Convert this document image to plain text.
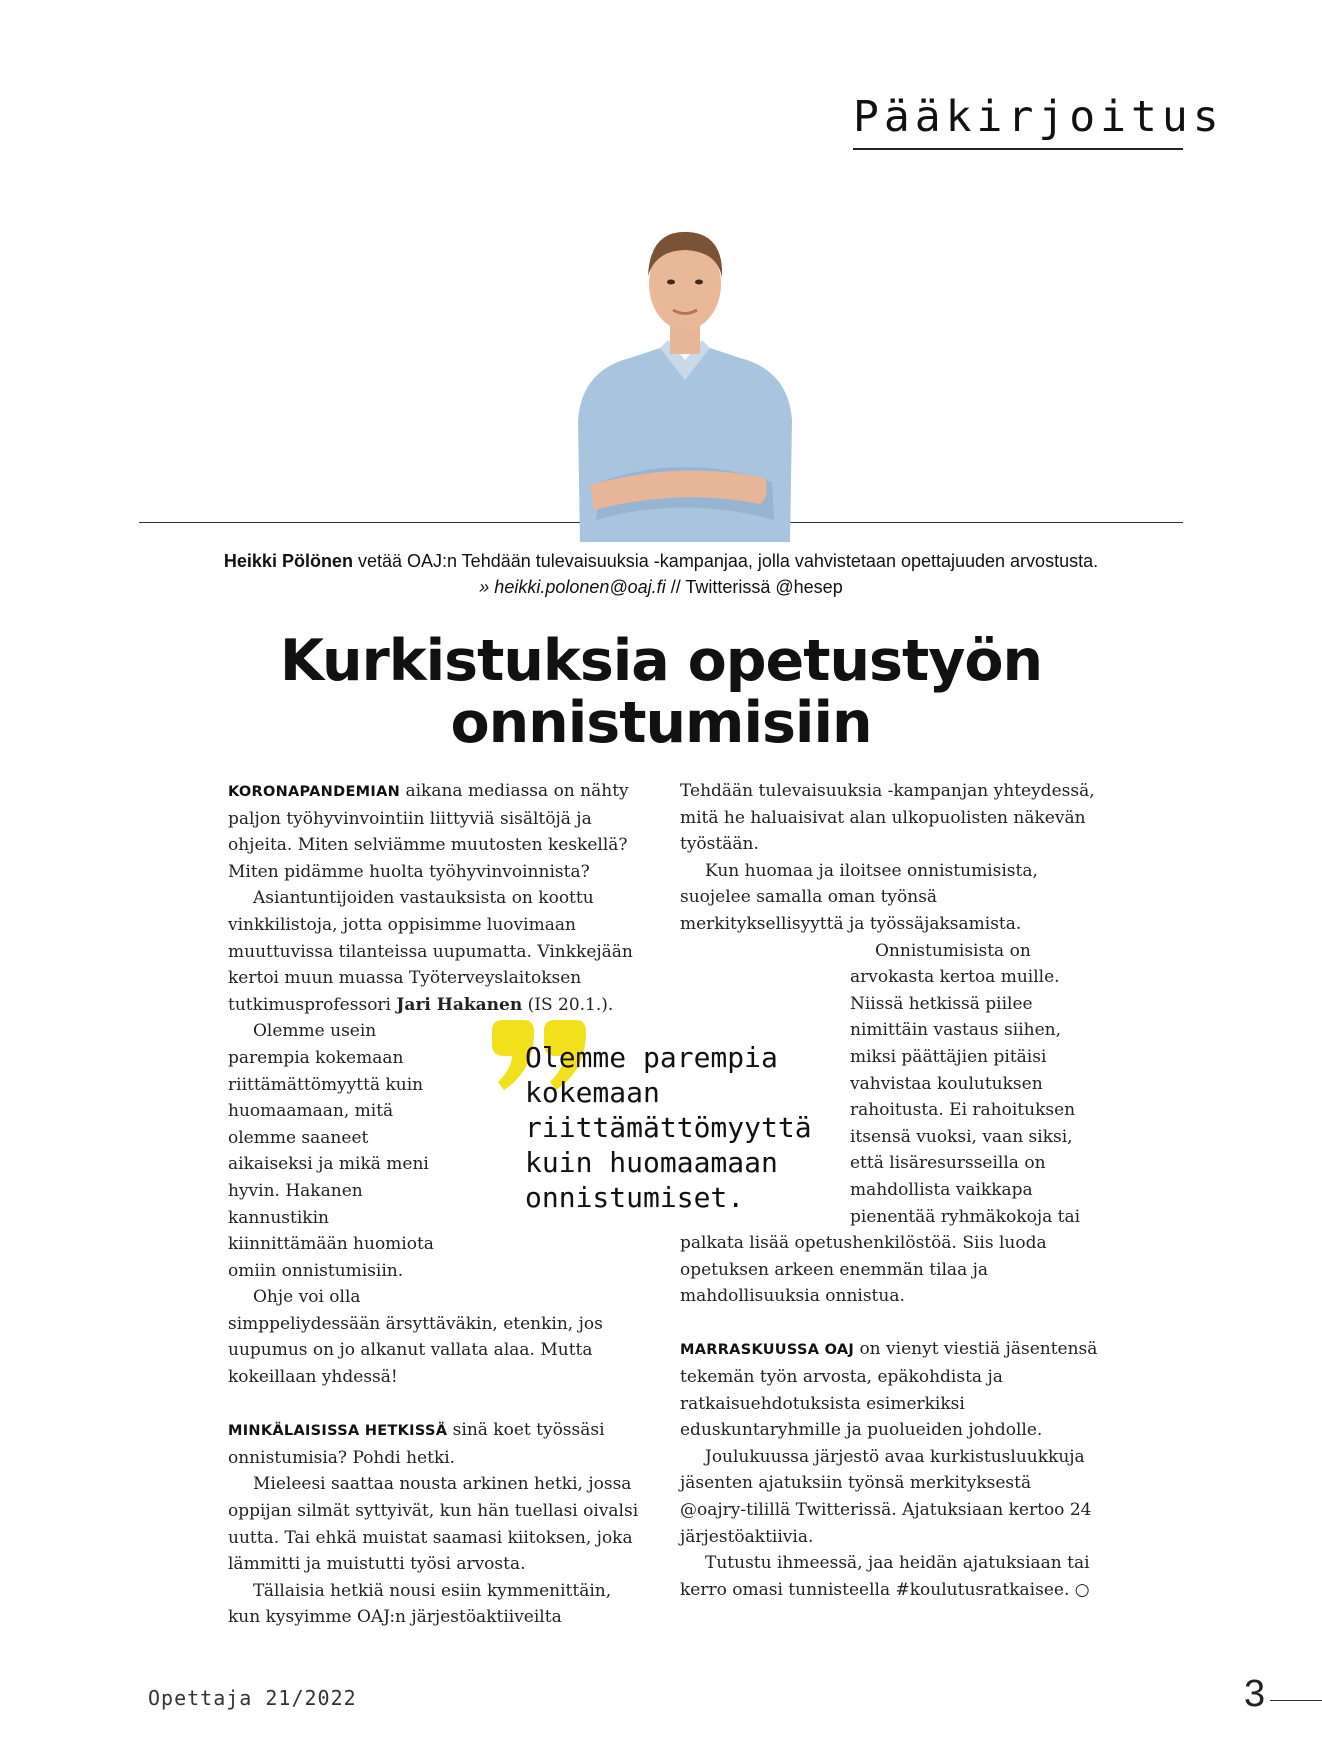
Pääkirjoitus
Heikki Pölönen vetää OAJ:n Tehdään tulevaisuuksia -kampanjaa, jolla vahvistetaan opettajuuden arvostusta.
» heikki.polonen@oaj.fi // Twitterissä @hesep
Kurkistuksia opetustyön
onnistumisiin

KORONAPANDEMIAN aikana mediassa on nähty paljon työhyvinvointiin liittyviä sisältöjä ja ohjeita. Miten selviämme muutosten keskellä? Miten pidämme huolta työhyvinvoinnista?

Asiantuntijoiden vastauksista on koottu vinkkilistoja, jotta oppisimme luovimaan muuttuvissa tilanteissa uupumatta. Vinkkejään kertoi muun muassa Työterveyslaitoksen tutkimusprofessori Jari Hakanen (IS 20.1.).

Olemme usein parempia kokemaan riittämättömyyttä kuin huomaamaan, mitä olemme saaneet aikaiseksi ja mikä meni hyvin. Hakanen kannustikin kiinnittämään huomiota omiin onnistumisiin.

Ohje voi olla simppeliydessään ärsyttäväkin, etenkin, jos uupumus on jo alkanut vallata alaa. Mutta kokeillaan yhdessä!

MINKÄLAISISSA HETKISSÄ sinä koet työssäsi onnistumisia? Pohdi hetki.

Mieleesi saattaa nousta arkinen hetki, jossa oppijan silmät syttyivät, kun hän tuellasi oivalsi uutta. Tai ehkä muistat saamasi kiitoksen, joka lämmitti ja muistutti työsi arvosta.

Tällaisia hetkiä nousi esiin kymmenittäin, kun kysyimme OAJ:n järjestöaktiiveilta

Tehdään tulevaisuuksia -kampanjan yhteydessä, mitä he haluaisivat alan ulkopuolisten näkevän työstään.

Kun huomaa ja iloitsee onnistumisista, suojelee samalla oman työnsä merkityksellisyyttä ja työssäjaksamista.

Onnistumisista on arvokasta kertoa muille. Niissä hetkissä piilee nimittäin vastaus siihen, miksi päättäjien pitäisi vahvistaa koulutuksen rahoitusta. Ei rahoituksen itsensä vuoksi, vaan siksi, että lisäresursseilla on mahdollista vaikkapa pienentää ryhmäkokoja tai palkata lisää opetushenkilöstöä. Siis luoda opetuksen arkeen enemmän tilaa ja mahdollisuuksia onnistua.

MARRASKUUSSA OAJ on vienyt viestiä jäsentensä tekemän työn arvosta, epäkohdista ja ratkaisuehdotuksista esimerkiksi eduskuntaryhmille ja puolueiden johdolle.

Joulukuussa järjestö avaa kurkistusluukkuja jäsenten ajatuksiin työnsä merkityksestä @oajry-tilillä Twitterissä. Ajatuksiaan kertoo 24 järjestöaktiivia.

Tutustu ihmeessä, jaa heidän ajatuksiaan tai kerro omasi tunnisteella #koulutusratkaisee. ○

Olemme parempia
kokemaan
riittämättömyyttä
kuin huomaamaan
onnistumiset.
Opettaja 21/2022	3
